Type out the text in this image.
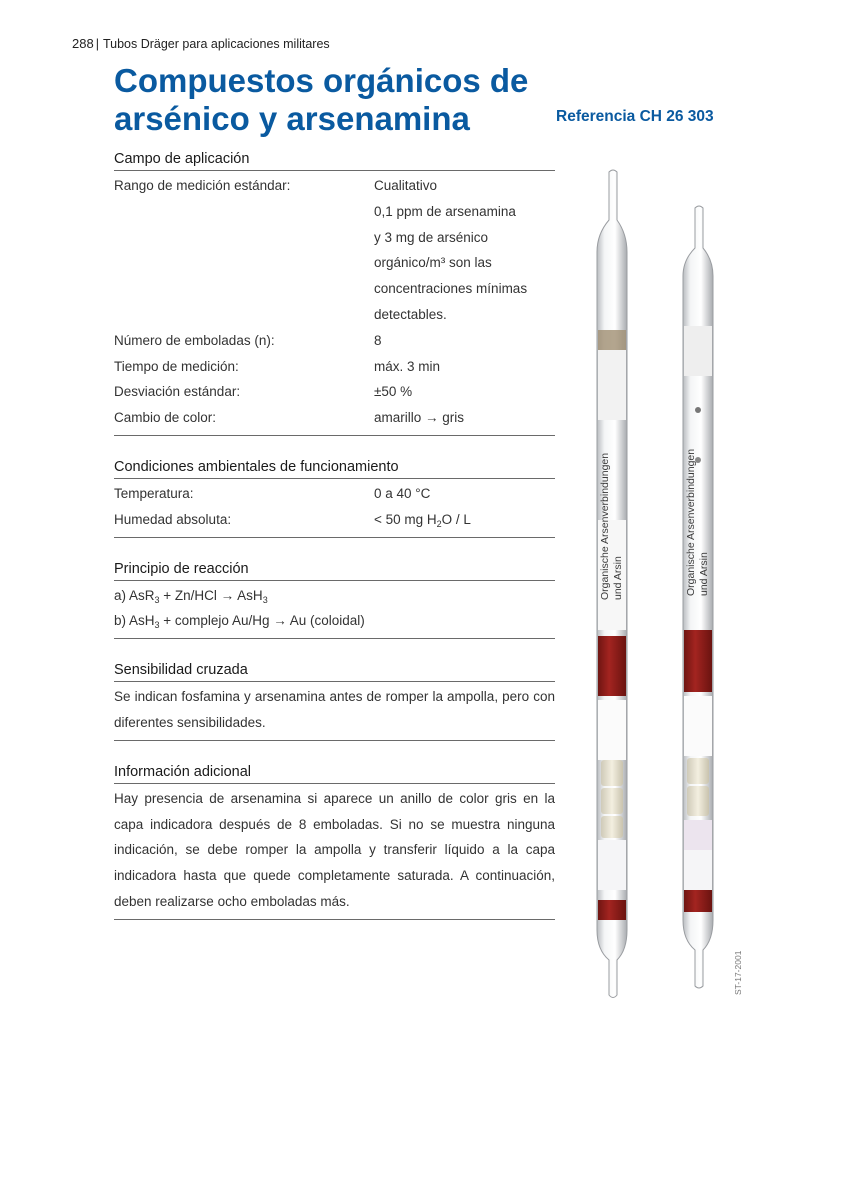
288 | Tubos Dräger para aplicaciones militares
Compuestos orgánicos de
arsénico y arsenamina	Referencia CH 26 303
Campo de aplicación
Rango de medición estándar:	Cualitativo
0,1 ppm de arsenamina
y 3 mg de arsénico
orgánico/m³ son las
concentraciones mínimas
detectables.
Número de emboladas (n):	8
Tiempo de medición:	máx. 3 min
Desviación estándar:	±50 %
Cambio de color:	amarillo → gris
Condiciones ambientales de funcionamiento
Temperatura:	0 a 40 °C
Humedad absoluta:	< 50 mg $H_2O$ / L
Principio de reacción
a) AsR$_3$ + Zn/HCl → AsH$_3$
b) AsH$_3$ + complejo Au/Hg → Au (coloidal)
Sensibilidad cruzada
Se indican fosfamina y arsenamina antes de romper la ampolla, pero con diferentes sensibilidades.
Información adicional
Hay presencia de arsenamina si aparece un anillo de color gris en la capa indicadora después de 8 emboladas. Si no se muestra ninguna indicación, se debe romper la ampolla y transferir líquido a la capa indicadora hasta que quede completamente saturada. A continuación, deben realizarse ocho emboladas más.
Organische Arsenverbindungen und Arsin	Organische Arsenverbindungen und Arsin
ST-17-2001
